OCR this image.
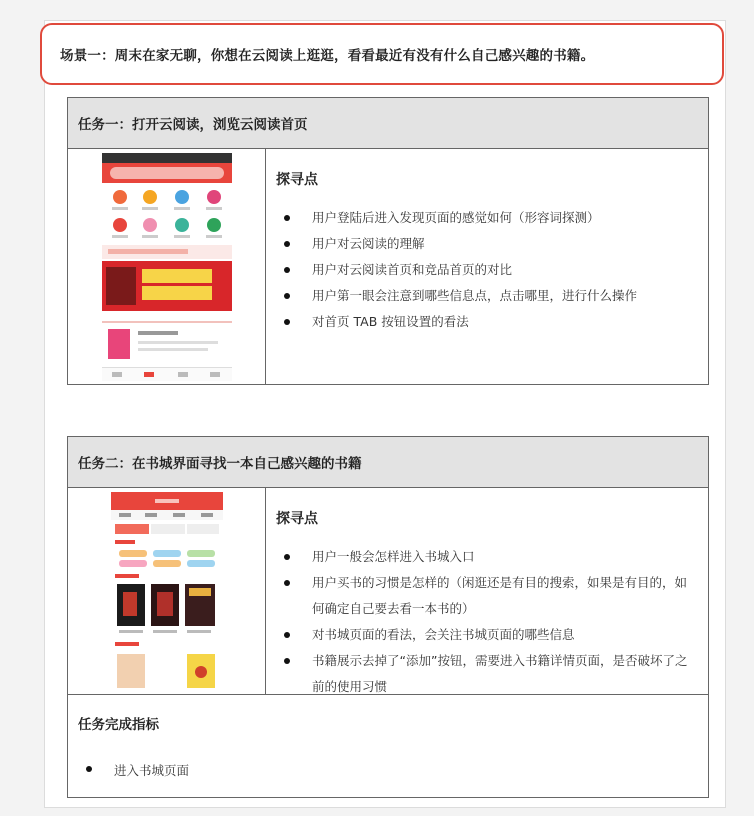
场景一：周末在家无聊，你想在云阅读上逛逛，看看最近有没有什么自己感兴趣的书籍。
任务一：打开云阅读，浏览云阅读首页
探寻点
用户登陆后进入发现页面的感觉如何（形容词探测）
用户对云阅读的理解
用户对云阅读首页和竞品首页的对比
用户第一眼会注意到哪些信息点，点击哪里，进行什么操作
对首页 TAB 按钮设置的看法
任务二：在书城界面寻找一本自己感兴趣的书籍
探寻点
用户一般会怎样进入书城入口
用户买书的习惯是怎样的（闲逛还是有目的搜索，如果是有目的，如何确定自己要去看一本书的）
对书城页面的看法，会关注书城页面的哪些信息
书籍展示去掉了“添加”按钮，需要进入书籍详情页面，是否破坏了之前的使用习惯
任务完成指标
进入书城页面
